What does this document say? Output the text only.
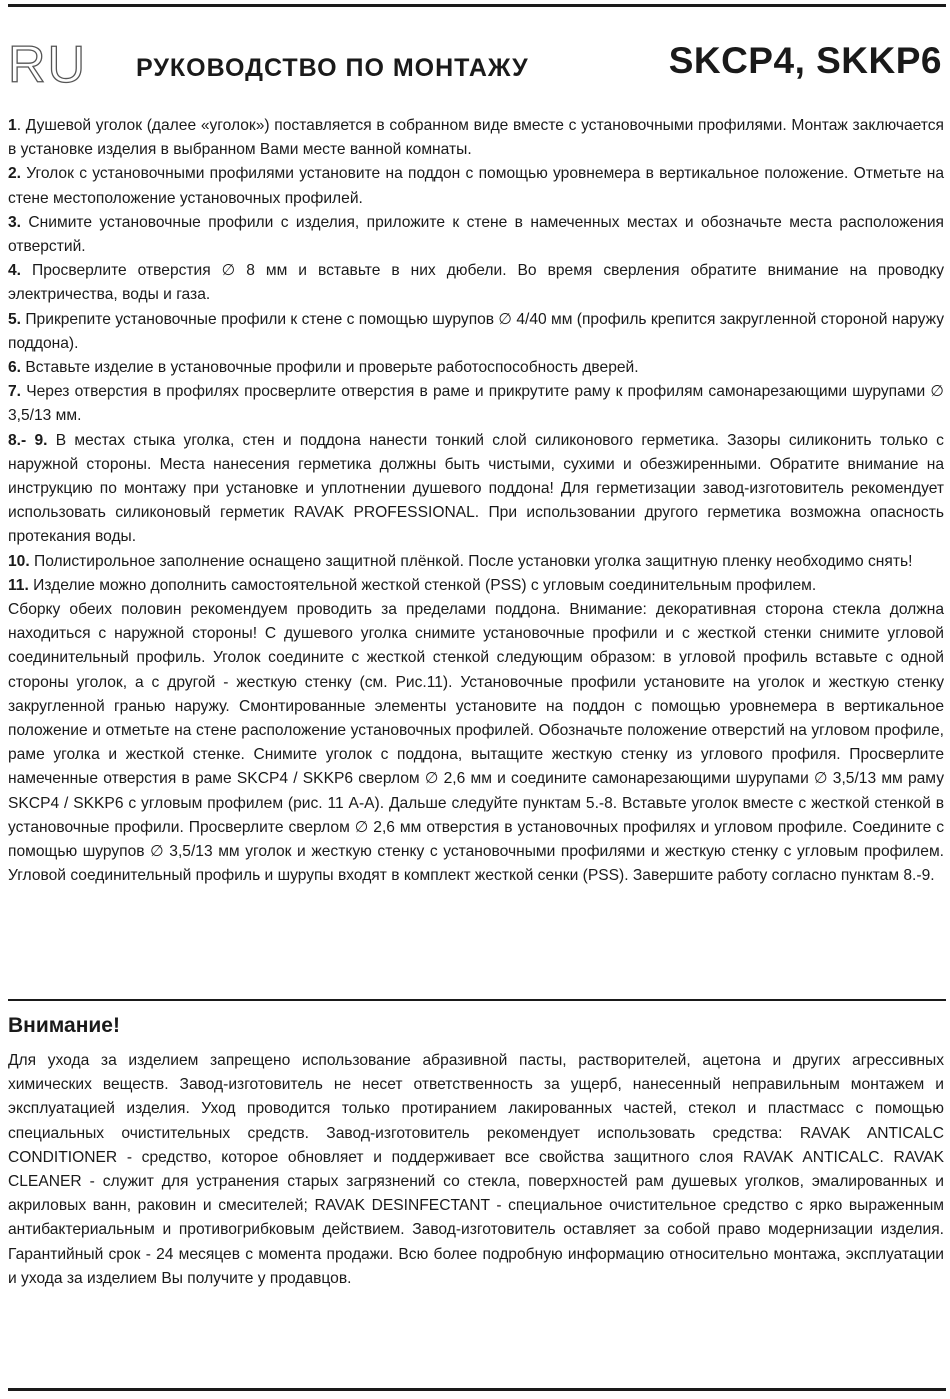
RU РУКОВОДСТВО ПО МОНТАЖУ	SKCP4, SKKP6

1. Душевой уголок (далее «уголок») поставляется в собранном виде вместе с установочными профилями. Монтаж заключается в установке изделия в выбранном Вами месте ванной комнаты.

2. Уголок с установочными профилями установите на поддон с помощью уровнемера в вертикальное положение. Отметьте на стене местоположение установочных профилей.

3. Снимите установочные профили с изделия, приложите к стене в намеченных местах и обозначьте места расположения отверстий.

4. Просверлите отверстия ∅ 8 мм и вставьте в них дюбели. Во время сверления обратите внимание на проводку электричества, воды и газа.

5. Прикрепите установочные профили к стене с помощью шурупов ∅ 4/40 мм (профиль крепится закругленной стороной наружу поддона).

6. Вставьте изделие в установочные профили и проверьте работоспособность дверей.

7. Через отверстия в профилях просверлите отверстия в раме и прикрутите раму к профилям самонарезающими шурупами ∅ 3,5/13 мм.

8.- 9. В местах стыка уголка, стен и поддона нанести тонкий слой силиконового герметика. Зазоры силиконить только с наружной стороны. Места нанесения герметика должны быть чистыми, сухими и обезжиренными. Обратите внимание на инструкцию по монтажу при установке и уплотнении душевого поддона! Для герметизации завод-изготовитель рекомендует использовать силиконовый герметик RAVAK PROFESSIONAL. При использовании другого герметика возможна опасность протекания воды.

10. Полистирольное заполнение оснащено защитной плёнкой. После установки уголка защитную пленку необходимо снять!

11. Изделие можно дополнить самостоятельной жесткой стенкой (PSS) с угловым соединительным профилем.

Сборку обеих половин рекомендуем проводить за пределами поддона. Внимание: декоративная сторона стекла должна находиться с наружной стороны! С душевого уголка снимите установочные профили и с жесткой стенки снимите угловой соединительный профиль. Уголок соедините с жесткой стенкой следующим образом: в угловой профиль вставьте с одной стороны уголок, а с другой - жесткую стенку (см. Рис.11). Установочные профили установите на уголок и жесткую стенку закругленной гранью наружу. Смонтированные элементы установите на поддон с помощью уровнемера в вертикальное положение и отметьте на стене расположение установочных профилей. Обозначьте положение отверстий на угловом профиле, раме уголка и жесткой стенке. Снимите уголок с поддона, вытащите жесткую стенку из углового профиля. Просверлите намеченные отверстия в раме SKCP4 / SKKP6 сверлом ∅ 2,6 мм и соедините самонарезающими шурупами ∅ 3,5/13 мм раму SKCP4 / SKKP6 с угловым профилем (рис. 11 A-A). Дальше следуйте пунктам 5.-8. Вставьте уголок вместе с жесткой стенкой в установочные профили. Просверлите сверлом ∅ 2,6 мм отверстия в установочных профилях и угловом профиле. Соедините с помощью шурупов ∅ 3,5/13 мм уголок и жесткую стенку с установочными профилями и жесткую стенку с угловым профилем. Угловой соединительный профиль и шурупы входят в комплект жесткой сенки (PSS). Завершите работу согласно пунктам 8.-9.

Внимание!

Для ухода за изделием запрещено использование абразивной пасты, растворителей, ацетона и других агрессивных химических веществ. Завод-изготовитель не несет ответственность за ущерб, нанесенный неправильным монтажем и эксплуатацией изделия. Уход проводится только протиранием лакированных частей, стекол и пластмасс с помощью специальных очистительных средств. Завод-изготовитель рекомендует использовать средства: RAVAK ANTICALC CONDITIONER - средство, которое обновляет и поддерживает все свойства защитного слоя RAVAK ANTICALC. RAVAK CLEANER - служит для устранения старых загрязнений со стекла, поверхностей рам душевых уголков, эмалированных и акриловых ванн, раковин и смесителей; RAVAK DESINFECTANT - специальное очистительное средство с ярко выраженным антибактериальным и противогрибковым действием. Завод-изготовитель оставляет за собой право модернизации изделия. Гарантийный срок - 24 месяцев с момента продажи. Всю более подробную информацию относительно монтажа, эксплуатации и ухода за изделием Вы получите у продавцов.
